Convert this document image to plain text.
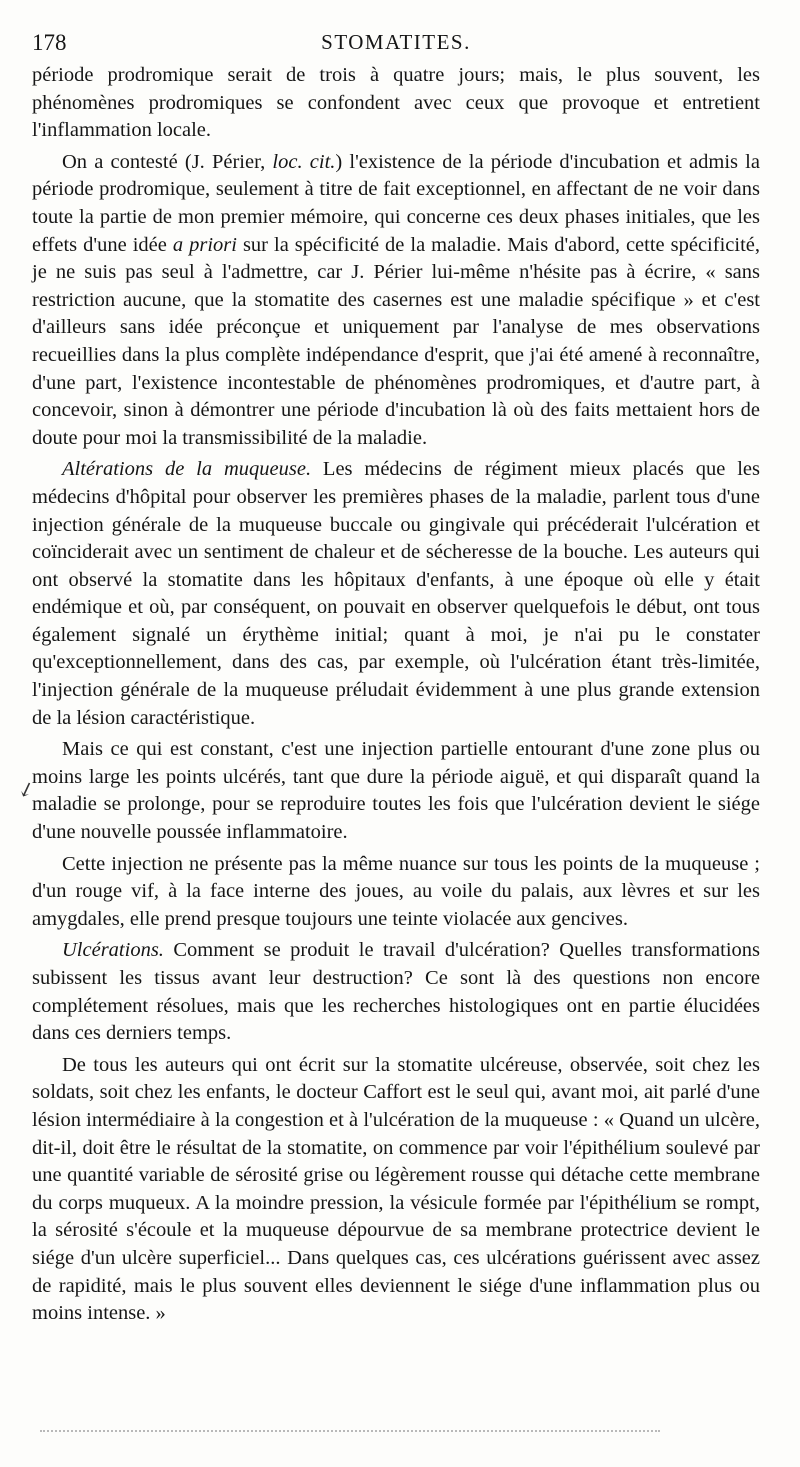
178	STOMATITES.
↙

période prodromique serait de trois à quatre jours; mais, le plus souvent, les phénomènes prodromiques se confondent avec ceux que provoque et entretient l'inflammation locale.

On a contesté (J. Périer, loc. cit.) l'existence de la période d'incubation et admis la période prodromique, seulement à titre de fait exceptionnel, en affectant de ne voir dans toute la partie de mon premier mémoire, qui concerne ces deux phases initiales, que les effets d'une idée a priori sur la spécificité de la maladie. Mais d'abord, cette spécificité, je ne suis pas seul à l'admettre, car J. Périer lui-même n'hésite pas à écrire, « sans restriction aucune, que la stomatite des casernes est une maladie spécifique » et c'est d'ailleurs sans idée préconçue et uniquement par l'analyse de mes observations recueillies dans la plus complète indépendance d'esprit, que j'ai été amené à reconnaître, d'une part, l'existence incontestable de phénomènes prodromiques, et d'autre part, à concevoir, sinon à démontrer une période d'incubation là où des faits mettaient hors de doute pour moi la transmissibilité de la maladie.

Altérations de la muqueuse. Les médecins de régiment mieux placés que les médecins d'hôpital pour observer les premières phases de la maladie, parlent tous d'une injection générale de la muqueuse buccale ou gingivale qui précéderait l'ulcération et coïnciderait avec un sentiment de chaleur et de sécheresse de la bouche. Les auteurs qui ont observé la stomatite dans les hôpitaux d'enfants, à une époque où elle y était endémique et où, par conséquent, on pouvait en observer quelquefois le début, ont tous également signalé un érythème initial; quant à moi, je n'ai pu le constater qu'exceptionnellement, dans des cas, par exemple, où l'ulcération étant très-limitée, l'injection générale de la muqueuse préludait évidemment à une plus grande extension de la lésion caractéristique.

Mais ce qui est constant, c'est une injection partielle entourant d'une zone plus ou moins large les points ulcérés, tant que dure la période aiguë, et qui disparaît quand la maladie se prolonge, pour se reproduire toutes les fois que l'ulcération devient le siége d'une nouvelle poussée inflammatoire.

Cette injection ne présente pas la même nuance sur tous les points de la muqueuse ; d'un rouge vif, à la face interne des joues, au voile du palais, aux lèvres et sur les amygdales, elle prend presque toujours une teinte violacée aux gencives.

Ulcérations. Comment se produit le travail d'ulcération? Quelles transformations subissent les tissus avant leur destruction? Ce sont là des questions non encore complétement résolues, mais que les recherches histologiques ont en partie élucidées dans ces derniers temps.

De tous les auteurs qui ont écrit sur la stomatite ulcéreuse, observée, soit chez les soldats, soit chez les enfants, le docteur Caffort est le seul qui, avant moi, ait parlé d'une lésion intermédiaire à la congestion et à l'ulcération de la muqueuse : « Quand un ulcère, dit-il, doit être le résultat de la stomatite, on commence par voir l'épithélium soulevé par une quantité variable de sérosité grise ou légèrement rousse qui détache cette membrane du corps muqueux. A la moindre pression, la vésicule formée par l'épithélium se rompt, la sérosité s'écoule et la muqueuse dépourvue de sa membrane protectrice devient le siége d'un ulcère superficiel... Dans quelques cas, ces ulcérations guérissent avec assez de rapidité, mais le plus souvent elles deviennent le siége d'une inflammation plus ou moins intense. »
